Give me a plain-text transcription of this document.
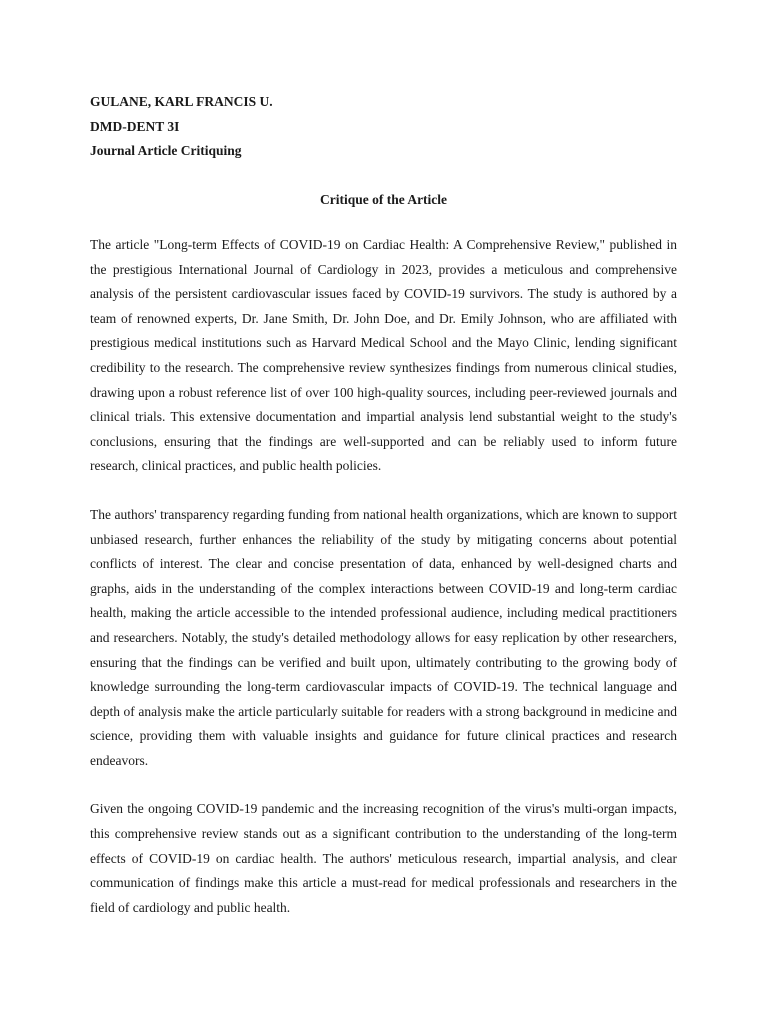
GULANE, KARL FRANCIS U.

DMD-DENT 3I

Journal Article Critiquing

Critique of the Article

The article "Long-term Effects of COVID-19 on Cardiac Health: A Comprehensive Review," published in the prestigious International Journal of Cardiology in 2023, provides a meticulous and comprehensive analysis of the persistent cardiovascular issues faced by COVID-19 survivors. The study is authored by a team of renowned experts, Dr. Jane Smith, Dr. John Doe, and Dr. Emily Johnson, who are affiliated with prestigious medical institutions such as Harvard Medical School and the Mayo Clinic, lending significant credibility to the research. The comprehensive review synthesizes findings from numerous clinical studies, drawing upon a robust reference list of over 100 high-quality sources, including peer-reviewed journals and clinical trials. This extensive documentation and impartial analysis lend substantial weight to the study's conclusions, ensuring that the findings are well-supported and can be reliably used to inform future research, clinical practices, and public health policies.

The authors' transparency regarding funding from national health organizations, which are known to support unbiased research, further enhances the reliability of the study by mitigating concerns about potential conflicts of interest. The clear and concise presentation of data, enhanced by well-designed charts and graphs, aids in the understanding of the complex interactions between COVID-19 and long-term cardiac health, making the article accessible to the intended professional audience, including medical practitioners and researchers. Notably, the study's detailed methodology allows for easy replication by other researchers, ensuring that the findings can be verified and built upon, ultimately contributing to the growing body of knowledge surrounding the long-term cardiovascular impacts of COVID-19. The technical language and depth of analysis make the article particularly suitable for readers with a strong background in medicine and science, providing them with valuable insights and guidance for future clinical practices and research endeavors.

Given the ongoing COVID-19 pandemic and the increasing recognition of the virus's multi-organ impacts, this comprehensive review stands out as a significant contribution to the understanding of the long-term effects of COVID-19 on cardiac health. The authors' meticulous research, impartial analysis, and clear communication of findings make this article a must-read for medical professionals and researchers in the field of cardiology and public health.
